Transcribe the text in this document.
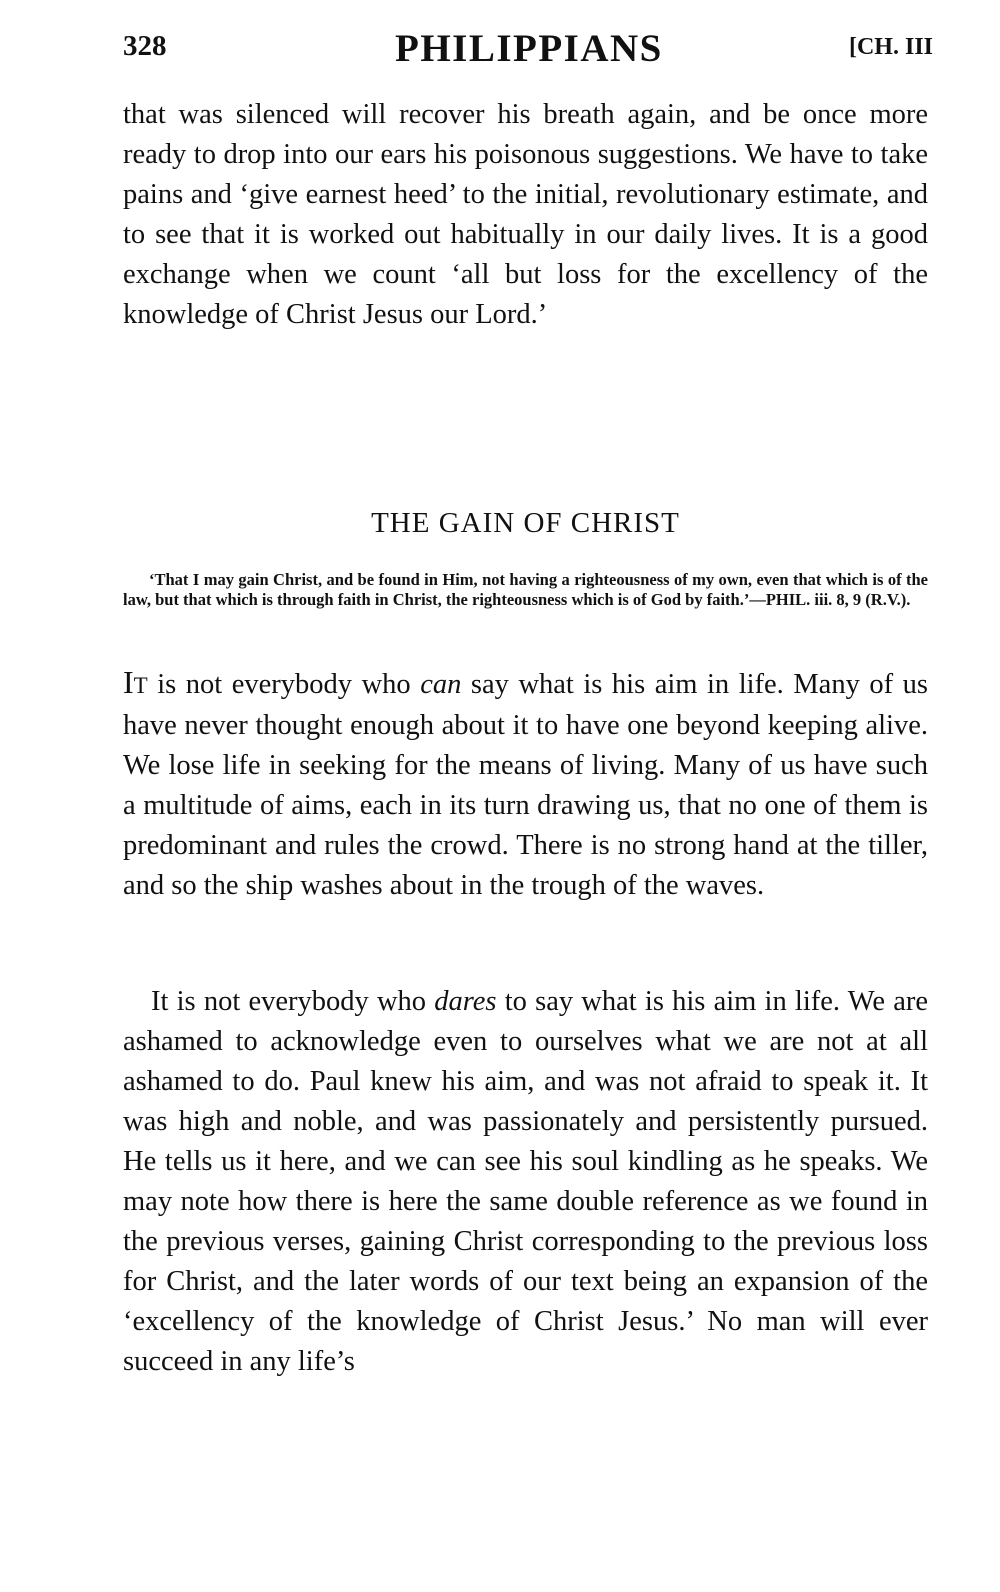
328	PHILIPPIANS	[CH. III

that was silenced will recover his breath again, and be once more ready to drop into our ears his poisonous suggestions. We have to take pains and ‘give earnest heed’ to the initial, revolutionary estimate, and to see that it is worked out habitually in our daily lives. It is a good exchange when we count ‘all but loss for the excellency of the knowledge of Christ Jesus our Lord.’

THE GAIN OF CHRIST

‘That I may gain Christ, and be found in Him, not having a righteousness of my own, even that which is of the law, but that which is through faith in Christ, the righteousness which is of God by faith.’—PHIL. iii. 8, 9 (R.V.).

IT is not everybody who can say what is his aim in life. Many of us have never thought enough about it to have one beyond keeping alive. We lose life in seeking for the means of living. Many of us have such a multitude of aims, each in its turn drawing us, that no one of them is predominant and rules the crowd. There is no strong hand at the tiller, and so the ship washes about in the trough of the waves.

It is not everybody who dares to say what is his aim in life. We are ashamed to acknowledge even to ourselves what we are not at all ashamed to do. Paul knew his aim, and was not afraid to speak it. It was high and noble, and was passionately and persistently pursued. He tells us it here, and we can see his soul kindling as he speaks. We may note how there is here the same double reference as we found in the previous verses, gaining Christ corresponding to the previous loss for Christ, and the later words of our text being an expansion of the ‘excellency of the knowledge of Christ Jesus.’ No man will ever succeed in any life’s
